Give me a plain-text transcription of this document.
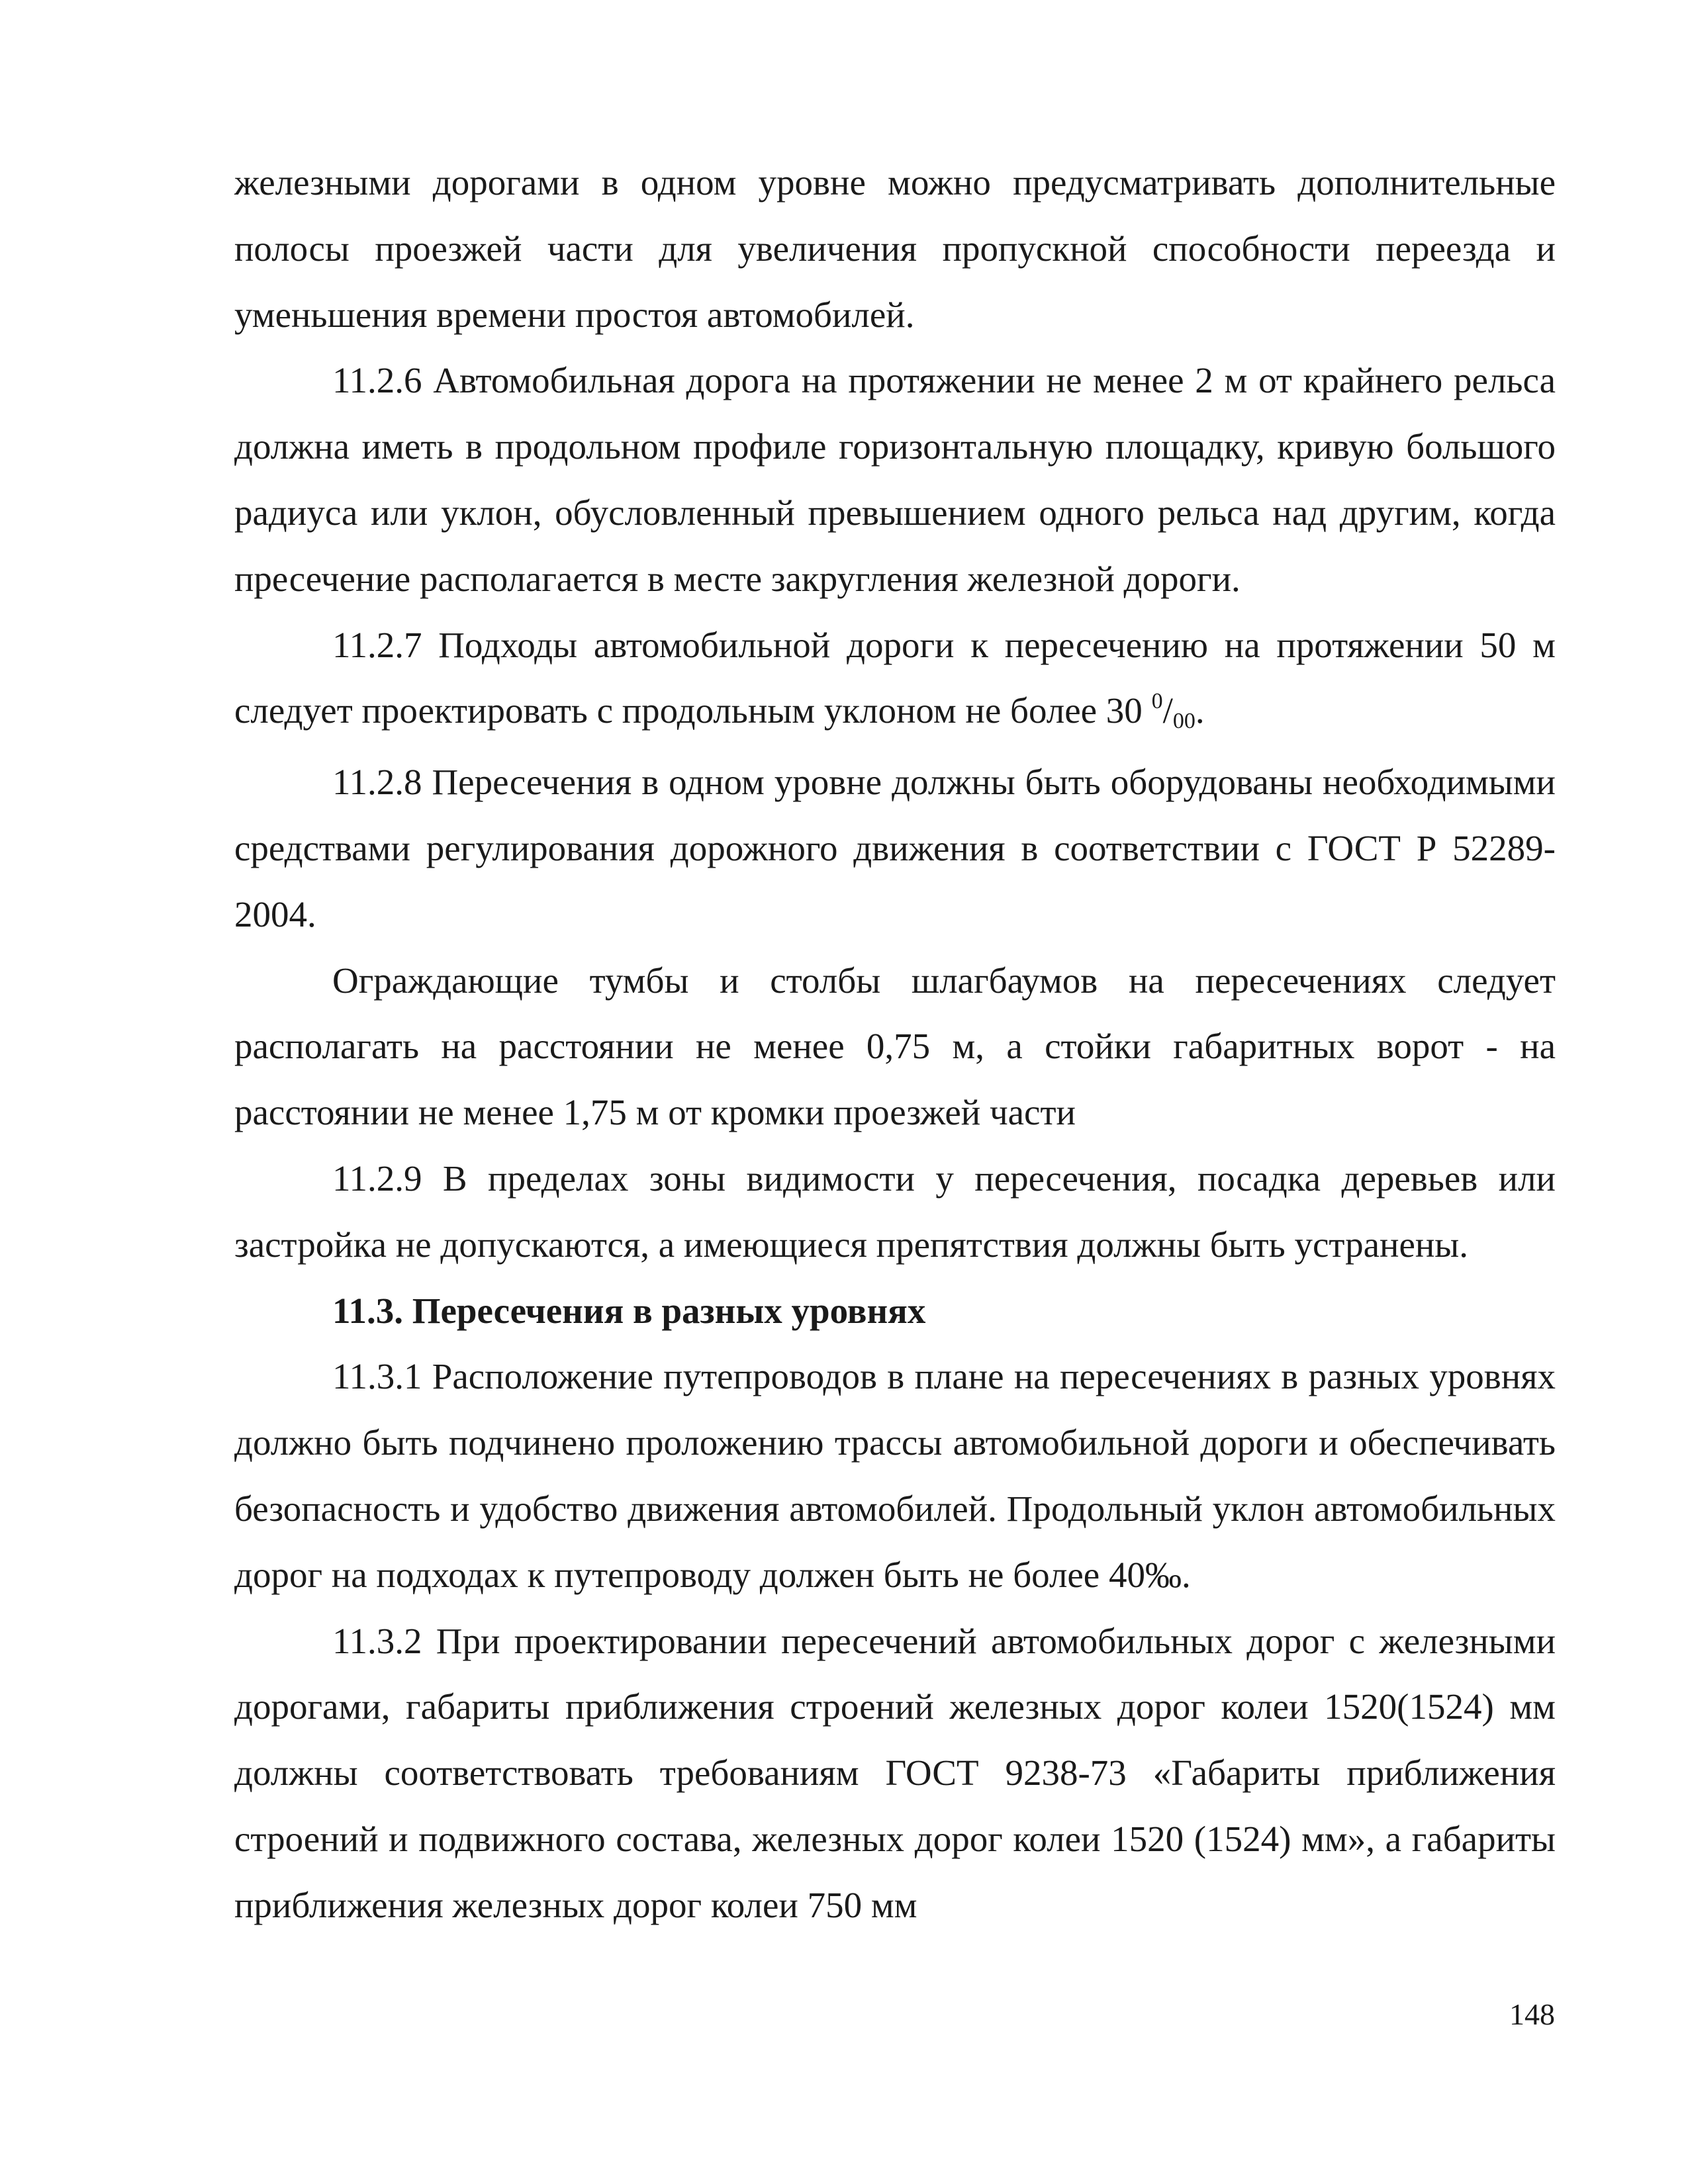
железными дорогами в одном уровне можно предусматривать дополнительные полосы проезжей части для увеличения пропускной способности переезда и уменьшения времени простоя автомобилей.

11.2.6 Автомобильная дорога на протяжении не менее 2 м от крайнего рельса должна иметь в продольном профиле горизонтальную площадку, кривую большого радиуса или уклон, обусловленный превышением одного рельса над другим, когда пресечение располагается в месте закругления железной дороги.

11.2.7 Подходы автомобильной дороги к пересечению на протяжении 50 м следует проектировать с продольным уклоном не более 30 $^0$/00.

11.2.8 Пересечения в одном уровне должны быть оборудованы необходимыми средствами регулирования дорожного движения в соответствии с ГОСТ Р 52289-2004.

Ограждающие тумбы и столбы шлагбаумов на пересечениях следует располагать на расстоянии не менее 0,75 м, а стойки габаритных ворот - на расстоянии не менее 1,75 м от кромки проезжей части

11.2.9 В пределах зоны видимости у пересечения, посадка деревьев или застройка не допускаются, а имеющиеся препятствия должны быть устранены.

11.3. Пересечения в разных уровнях

11.3.1 Расположение путепроводов в плане на пересечениях в разных уровнях должно быть подчинено проложению трассы автомобильной дороги и обеспечивать безопасность и удобство движения автомобилей. Продольный уклон автомобильных дорог на подходах к путепроводу должен быть не более 40‰.

11.3.2 При проектировании пересечений автомобильных дорог с железными дорогами, габариты приближения строений железных дорог колеи 1520(1524) мм должны соответствовать требованиям ГОСТ 9238-73 «Габариты приближения строений и подвижного состава, железных дорог колеи 1520 (1524) мм», а габариты приближения железных дорог колеи 750 мм

148
